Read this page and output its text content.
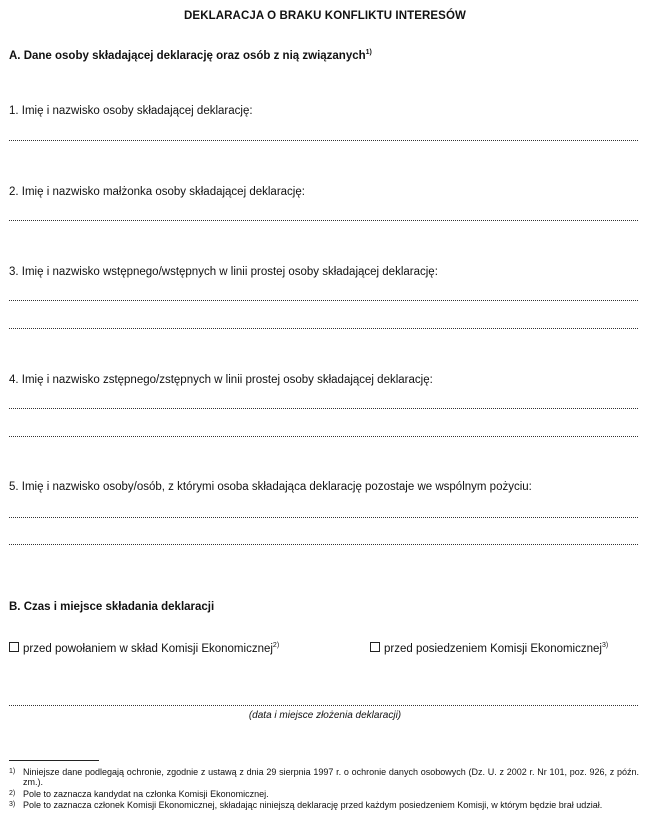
DEKLARACJA O BRAKU KONFLIKTU INTERESÓW
A. Dane osoby składającej deklarację oraz osób z nią związanych$^{1)}$
1. Imię i nazwisko osoby składającej deklarację:
2. Imię i nazwisko małżonka osoby składającej deklarację:
3. Imię i nazwisko wstępnego/wstępnych w linii prostej osoby składającej deklarację:
4. Imię i nazwisko zstępnego/zstępnych w linii prostej osoby składającej deklarację:
5. Imię i nazwisko osoby/osób, z którymi osoba składająca deklarację pozostaje we wspólnym pożyciu:
B. Czas i miejsce składania deklaracji
przed powołaniem w skład Komisji Ekonomicznej$^{2)}$	przed posiedzeniem Komisji Ekonomicznej$^{3)}$
(data i miejsce złożenia deklaracji)
1) Niniejsze dane podlegają ochronie, zgodnie z ustawą z dnia 29 sierpnia 1997 r. o ochronie danych osobowych (Dz. U. z 2002 r. Nr 101, poz. 926, z późn. zm.).
2) Pole to zaznacza kandydat na członka Komisji Ekonomicznej.
3) Pole to zaznacza członek Komisji Ekonomicznej, składając niniejszą deklarację przed każdym posiedzeniem Komisji, w którym będzie brał udział.
